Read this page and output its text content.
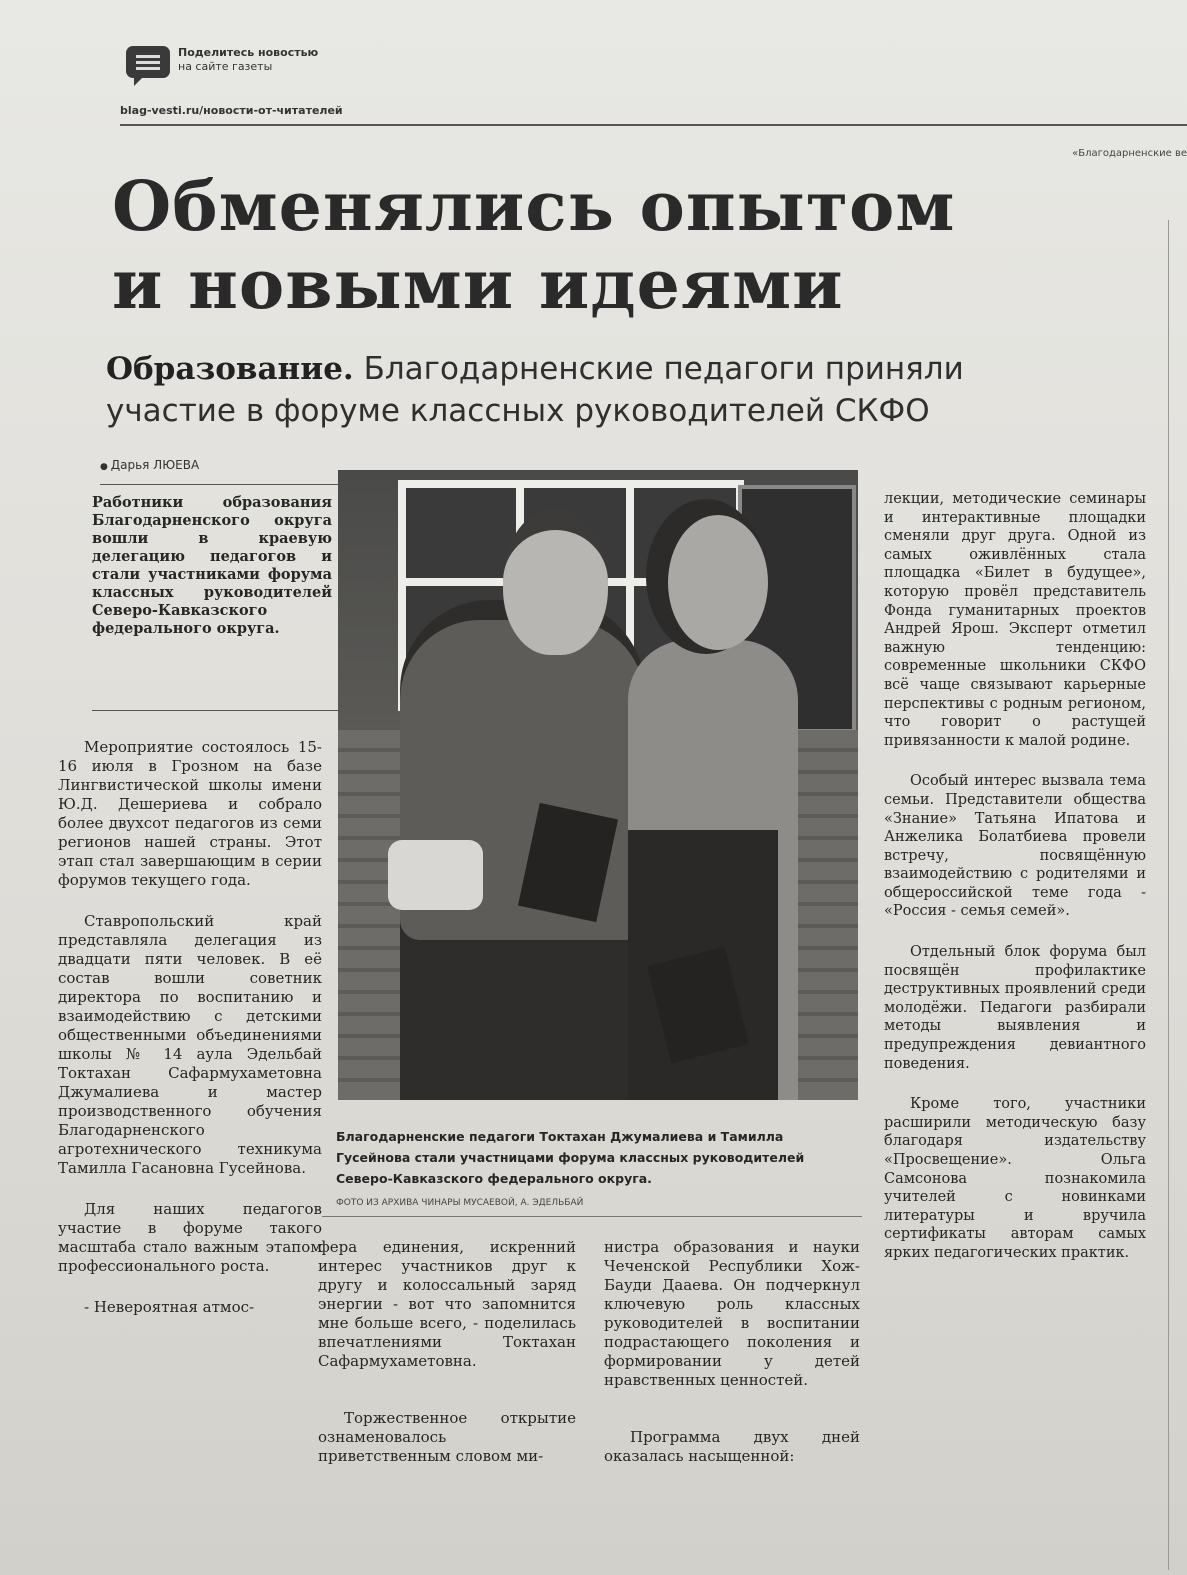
Поделитесь новостью
на сайте газеты
blag-vesti.ru/новости-от-читателей
«Благодарненские ве
Обменялись опытом
и новыми идеями
Образование. Благодарненские педагоги приняли участие в форуме классных руководителей СКФО
● Дарья ЛЮЕВА
Работники образования Благодарненского округа вошли в краевую делегацию педагогов и стали участниками форума классных руководителей Северо-Кавказского федерального округа.

Мероприятие состоялось 15-16 июля в Грозном на базе Лингвистической школы имени Ю.Д. Дешериева и собрало более двухсот педагогов из семи регионов нашей страны. Этот этап стал завершающим в серии форумов текущего года.

Ставропольский край представляла делегация из двадцати пяти человек. В её состав вошли советник директора по воспитанию и взаимодействию с детскими общественными объединениями школы № 14 аула Эдельбай Токтахан Сафармухаметовна Джумалиева и мастер производственного обучения Благодарненского агротехнического техникума Тамилла Гасановна Гусейнова.

Для наших педагогов участие в форуме такого масштаба стало важным этапом профессионального роста.

- Невероятная атмос-

Благодарненские педагоги Токтахан Джумалиева и Тамилла Гусейнова стали участницами форума классных руководителей Северо-Кавказского федерального округа.
ФОТО ИЗ АРХИВА ЧИНАРЫ МУСАЕВОЙ, А. ЭДЕЛЬБАЙ

фера единения, искренний интерес участников друг к другу и колоссальный заряд энергии - вот что запомнится мне больше всего, - поделилась впечатлениями Токтахан Сафармухаметовна.

Торжественное открытие ознаменовалось приветственным словом ми-

нистра образования и науки Чеченской Республики Хож-Бауди Дааева. Он подчеркнул ключевую роль классных руководителей в воспитании подрастающего поколения и формировании у детей нравственных ценностей.

Программа двух дней оказалась насыщенной:

лекции, методические семинары и интерактивные площадки сменяли друг друга. Одной из самых оживлённых стала площадка «Билет в будущее», которую провёл представитель Фонда гуманитарных проектов Андрей Ярош. Эксперт отметил важную тенденцию: современные школьники СКФО всё чаще связывают карьерные перспективы с родным регионом, что говорит о растущей привязанности к малой родине.

Особый интерес вызвала тема семьи. Представители общества «Знание» Татьяна Ипатова и Анжелика Болатбиева провели встречу, посвящённую взаимодействию с родителями и общероссийской теме года - «Россия - семья семей».

Отдельный блок форума был посвящён профилактике деструктивных проявлений среди молодёжи. Педагоги разбирали методы выявления и предупреждения девиантного поведения.

Кроме того, участники расширили методическую базу благодаря издательству «Просвещение». Ольга Самсонова познакомила учителей с новинками литературы и вручила сертификаты авторам самых ярких педагогических практик.
